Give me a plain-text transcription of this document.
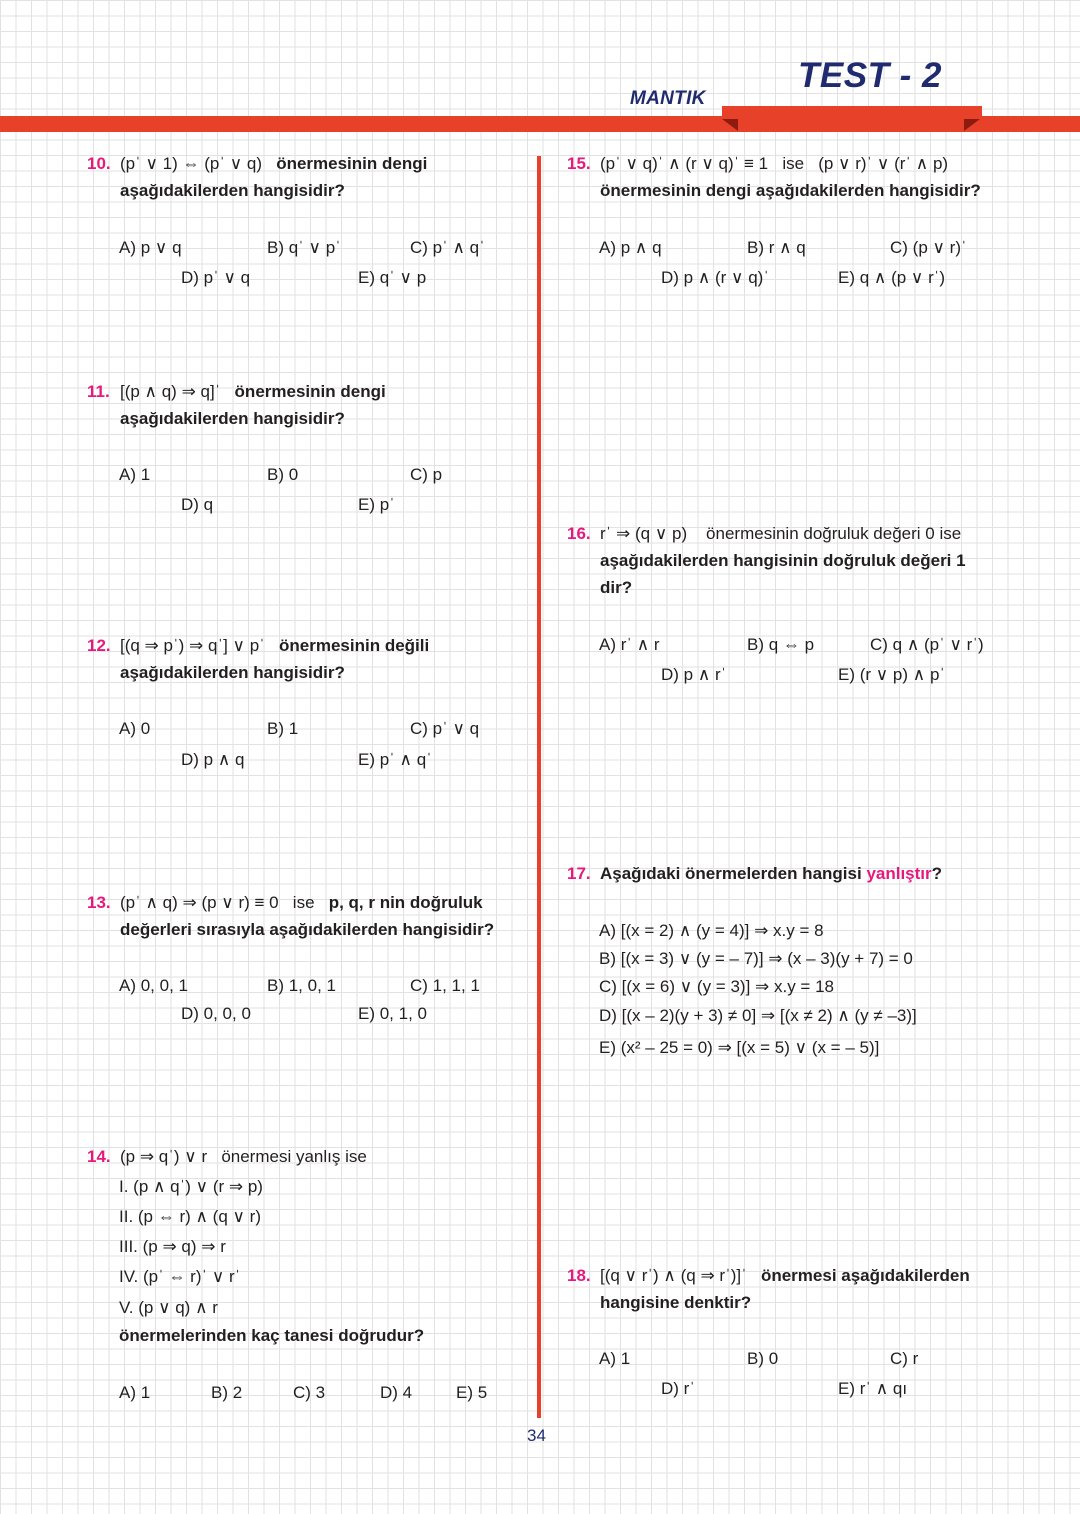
MANTIK
TEST - 2
10. (pˈ ∨ 1) ⇔ (pˈ ∨ q) önermesinin dengi aşağıdakilerden hangisidir?
A) p ∨ q	B) qˈ ∨ pˈ	C) pˈ ∧ qˈ
D) pˈ ∨ q	E) qˈ ∨ p
11. [(p ∧ q) ⇒ q]ˈ önermesinin dengi aşağıdakilerden hangisidir?
A) 1	B) 0	C) p
D) q	E) pˈ
12. [(q ⇒ pˈ) ⇒ qˈ] ∨ pˈ önermesinin değili aşağıdakilerden hangisidir?
A) 0	B) 1	C) pˈ ∨ q
D) p ∧ q	E) pˈ ∧ qˈ
13. (pˈ ∧ q) ⇒ (p ∨ r) ≡ 0 ise p, q, r nin doğruluk değerleri sırasıyla aşağıdakilerden hangisidir?
A) 0, 0, 1	B) 1, 0, 1	C) 1, 1, 1
D) 0, 0, 0	E) 0, 1, 0
14. (p ⇒ qˈ) ∨ r önermesi yanlış ise
I. (p ∧ qˈ) ∨ (r ⇒ p)
II. (p ⇔ r) ∧ (q ∨ r)
III. (p ⇒ q) ⇒ r
IV. (pˈ ⇔ r)ˈ ∨ rˈ
V. (p ∨ q) ∧ r
önermelerinden kaç tanesi doğrudur?
A) 1	B) 2	C) 3	D) 4	E) 5
15. (pˈ ∨ q)ˈ ∧ (r ∨ q)ˈ ≡ 1 ise (p ∨ r)ˈ ∨ (rˈ ∧ p) önermesinin dengi aşağıdakilerden hangisidir?
A) p ∧ q	B) r ∧ q	C) (p ∨ r)ˈ
D) p ∧ (r ∨ q)ˈ	E) q ∧ (p ∨ rˈ)
16. rˈ ⇒ (q ∨ p) önermesinin doğruluk değeri 0 ise aşağıdakilerden hangisinin doğruluk değeri 1 dir?
A) rˈ ∧ r	B) q ⇔ p	C) q ∧ (pˈ ∨ rˈ)
D) p ∧ rˈ	E) (r ∨ p) ∧ pˈ
17. Aşağıdaki önermelerden hangisi yanlıştır?
A) [(x = 2) ∧ (y = 4)] ⇒ x.y = 8
B) [(x = 3) ∨ (y = – 7)] ⇒ (x – 3)(y + 7) = 0
C) [(x = 6) ∨ (y = 3)] ⇒ x.y = 18
D) [(x – 2)(y + 3) ≠ 0] ⇒ [(x ≠ 2) ∧ (y ≠ –3)]
E) (x² – 25 = 0) ⇒ [(x = 5) ∨ (x = – 5)]
18. [(q ∨ rˈ) ∧ (q ⇒ rˈ)]ˈ önermesi aşağıdakilerden hangisine denktir?
A) 1	B) 0	C) r
D) rˈ	E) rˈ ∧ qı
34
